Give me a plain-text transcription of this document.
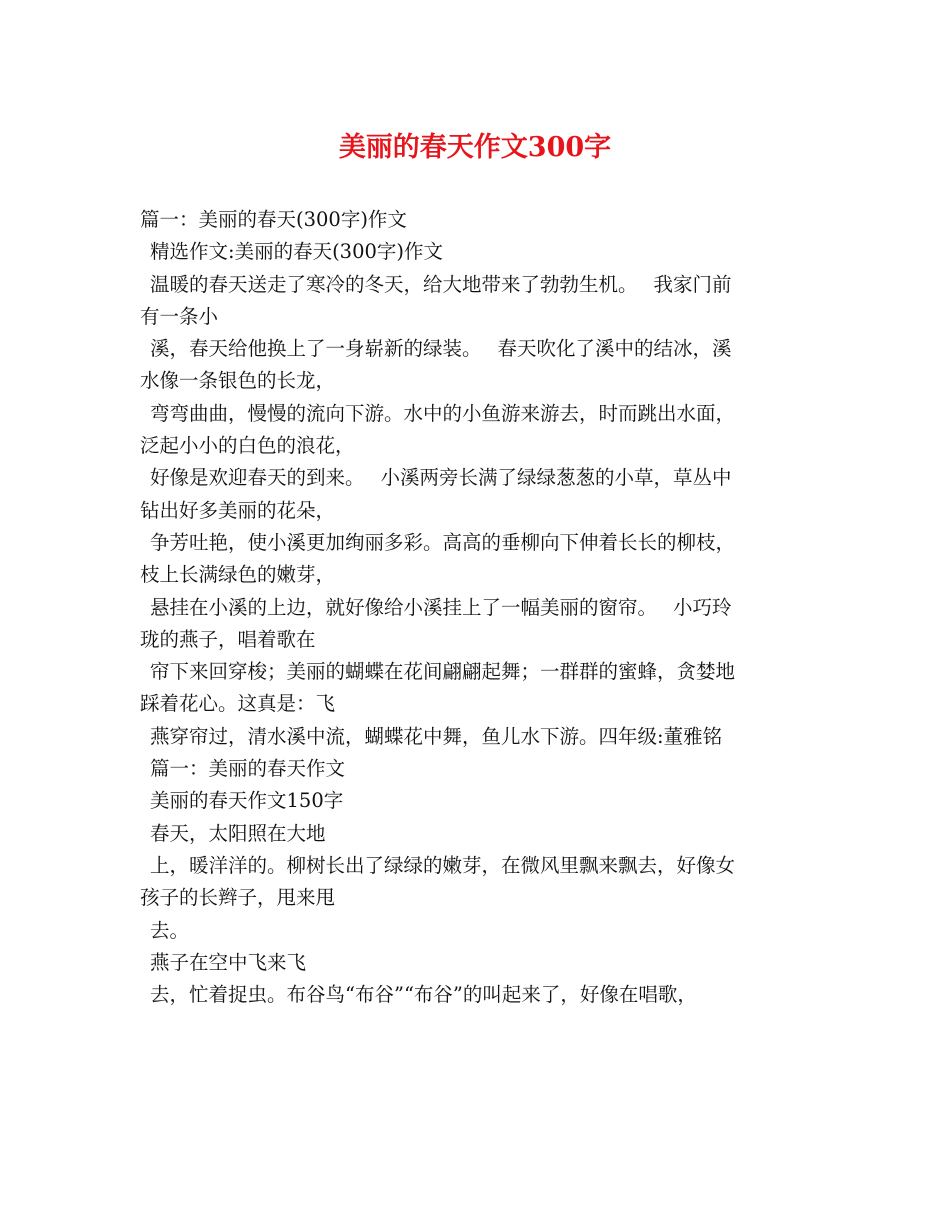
美丽的春天作文300字
篇一：美丽的春天(300字)作文
精选作文:美丽的春天(300字)作文
温暖的春天送走了寒冷的冬天，给大地带来了勃勃生机。　 我家门前
有一条小
溪，春天给他换上了一身崭新的绿装。　 春天吹化了溪中的结冰，溪
水像一条银色的长龙，
弯弯曲曲，慢慢的流向下游。水中的小鱼游来游去，时而跳出水面，
泛起小小的白色的浪花，
好像是欢迎春天的到来。　 小溪两旁长满了绿绿葱葱的小草，草丛中
钻出好多美丽的花朵，
争芳吐艳，使小溪更加绚丽多彩。高高的垂柳向下伸着长长的柳枝，
枝上长满绿色的嫩芽，
悬挂在小溪的上边，就好像给小溪挂上了一幅美丽的窗帘。　 小巧玲
珑的燕子，唱着歌在
帘下来回穿梭；美丽的蝴蝶在花间翩翩起舞；一群群的蜜蜂，贪婪地
踩着花心。这真是：飞
燕穿帘过，清水溪中流，蝴蝶花中舞，鱼儿水下游。四年级:董雅铭
篇一：美丽的春天作文
美丽的春天作文150字
春天，太阳照在大地
上，暖洋洋的。柳树长出了绿绿的嫩芽，在微风里飘来飘去，好像女
孩子的长辫子，甩来甩
去。
燕子在空中飞来飞
去，忙着捉虫。布谷鸟“布谷”“布谷”的叫起来了，好像在唱歌，
